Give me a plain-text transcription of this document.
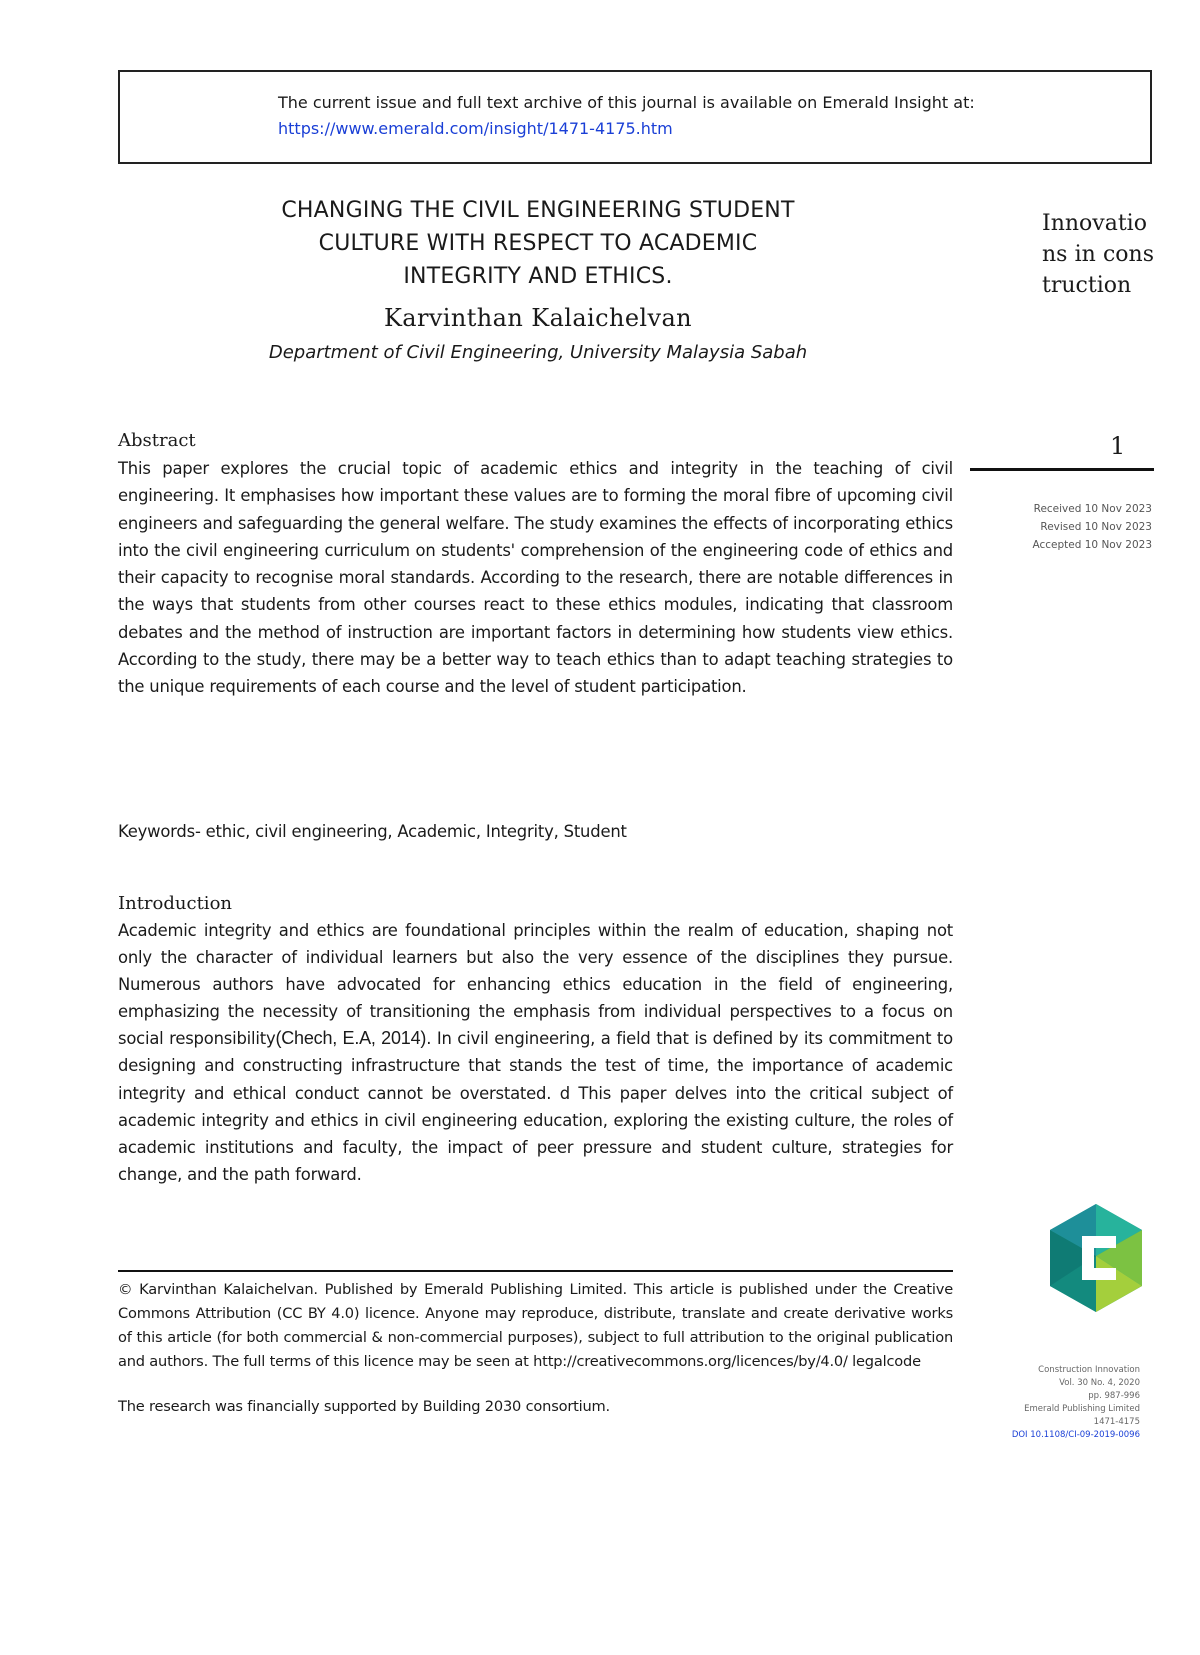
The current issue and full text archive of this journal is available on Emerald Insight at:
https://www.emerald.com/insight/1471-4175.htm
CHANGING THE CIVIL ENGINEERING STUDENT
CULTURE WITH RESPECT TO ACADEMIC
INTEGRITY AND ETHICS.
Karvinthan Kalaichelvan
Department of Civil Engineering, University Malaysia Sabah
Innovations in construction
1
Received 10 Nov 2023
Revised 10 Nov 2023
Accepted 10 Nov 2023
Abstract
This paper explores the crucial topic of academic ethics and integrity in the teaching of civil engineering. It emphasises how important these values are to forming the moral fibre of upcoming civil engineers and safeguarding the general welfare. The study examines the effects of incorporating ethics into the civil engineering curriculum on students' comprehension of the engineering code of ethics and their capacity to recognise moral standards. According to the research, there are notable differences in the ways that students from other courses react to these ethics modules, indicating that classroom debates and the method of instruction are important factors in determining how students view ethics. According to the study, there may be a better way to teach ethics than to adapt teaching strategies to the unique requirements of each course and the level of student participation.
Keywords- ethic, civil engineering, Academic, Integrity, Student
Introduction
Academic integrity and ethics are foundational principles within the realm of education, shaping not only the character of individual learners but also the very essence of the disciplines they pursue. Numerous authors have advocated for enhancing ethics education in the field of engineering, emphasizing the necessity of transitioning the emphasis from individual perspectives to a focus on social responsibility(Chech, E.A, 2014). In civil engineering, a field that is defined by its commitment to designing and constructing infrastructure that stands the test of time, the importance of academic integrity and ethical conduct cannot be overstated. d This paper delves into the critical subject of academic integrity and ethics in civil engineering education, exploring the existing culture, the roles of academic institutions and faculty, the impact of peer pressure and student culture, strategies for change, and the path forward.
© Karvinthan Kalaichelvan. Published by Emerald Publishing Limited. This article is published under the Creative Commons Attribution (CC BY 4.0) licence. Anyone may reproduce, distribute, translate and create derivative works of this article (for both commercial & non-commercial purposes), subject to full attribution to the original publication and authors. The full terms of this licence may be seen at http://creativecommons.org/licences/by/4.0/ legalcode
The research was financially supported by Building 2030 consortium.
Construction Innovation
Vol. 30 No. 4, 2020
pp. 987-996
Emerald Publishing Limited
1471-4175
DOI 10.1108/CI-09-2019-0096
